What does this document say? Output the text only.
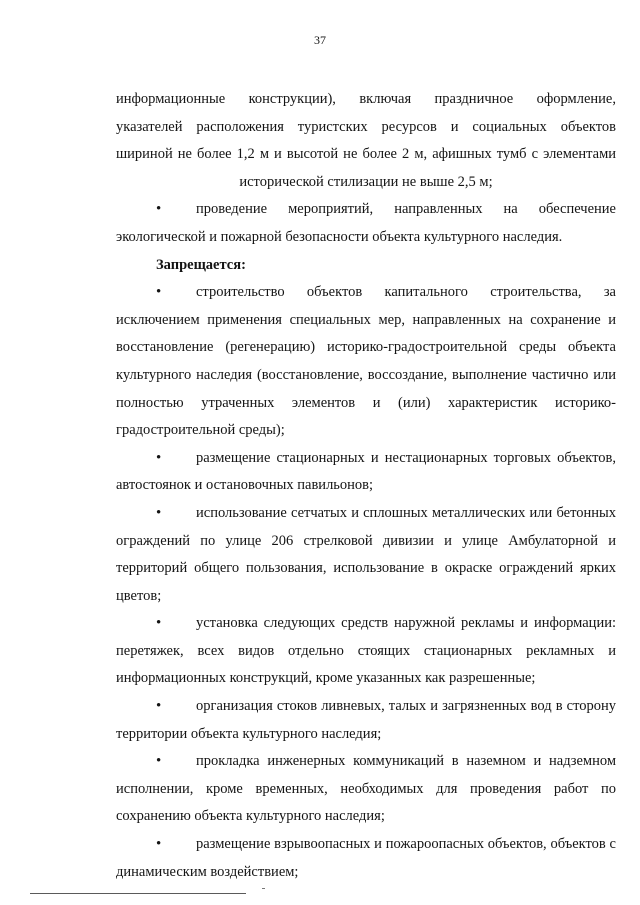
37

информационные конструкции), включая праздничное оформление,

указателей расположения туристских ресурсов и социальных объектов

шириной не более 1,2 м и высотой не более 2 м, афишных тумб с элементами

исторической стилизации не выше 2,5 м;

• проведение мероприятий, направленных на обеспечение экологической и пожарной безопасности объекта культурного наследия.

Запрещается:

• строительство объектов капитального строительства, за исключением применения специальных мер, направленных на сохранение и восстановление (регенерацию) историко-градостроительной среды объекта культурного наследия (восстановление, воссоздание, выполнение частично или полностью утраченных элементов и (или) характеристик историко-градостроительной среды);

• размещение стационарных и нестационарных торговых объектов, автостоянок и остановочных павильонов;

• использование сетчатых и сплошных металлических или бетонных ограждений по улице 206 стрелковой дивизии и улице Амбулаторной и территорий общего пользования, использование в окраске ограждений ярких цветов;

• установка следующих средств наружной рекламы и информации: перетяжек, всех видов отдельно стоящих стационарных рекламных и информационных конструкций, кроме указанных как разрешенные;

• организация стоков ливневых, талых и загрязненных вод в сторону территории объекта культурного наследия;

• прокладка инженерных коммуникаций в наземном и надземном исполнении, кроме временных, необходимых для проведения работ по сохранению объекта культурного наследия;

• размещение взрывоопасных и пожароопасных объектов, объектов с динамическим воздействием;
